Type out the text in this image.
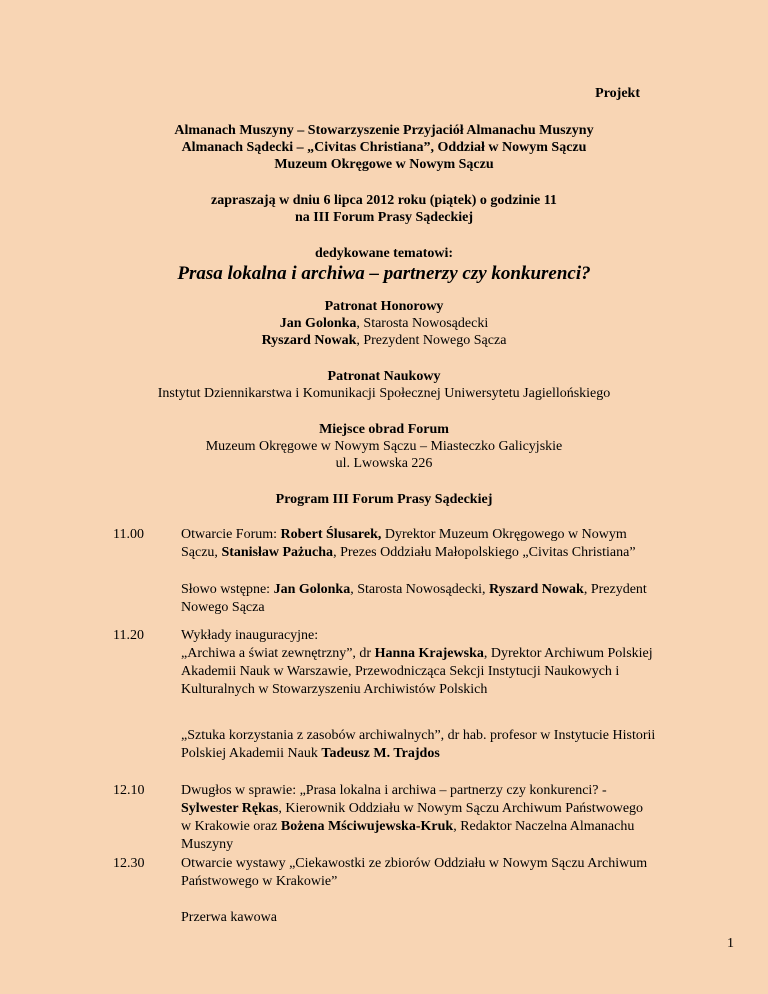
Projekt
Almanach Muszyny – Stowarzyszenie Przyjaciół Almanachu Muszyny
Almanach Sądecki – „Civitas Christiana”, Oddział w Nowym Sączu
Muzeum Okręgowe w Nowym Sączu
zapraszają w dniu 6 lipca 2012 roku (piątek) o godzinie 11
na III Forum Prasy Sądeckiej
dedykowane tematowi:
Prasa lokalna i archiwa – partnerzy czy konkurenci?
Patronat Honorowy
Jan Golonka, Starosta Nowosądecki
Ryszard Nowak, Prezydent Nowego Sącza
Patronat Naukowy
Instytut Dziennikarstwa i Komunikacji Społecznej Uniwersytetu Jagiellońskiego
Miejsce obrad Forum
Muzeum Okręgowe w Nowym Sączu – Miasteczko Galicyjskie
ul. Lwowska 226
Program III Forum Prasy Sądeckiej
11.00	Otwarcie Forum: Robert Ślusarek, Dyrektor Muzeum Okręgowego w Nowym Sączu, Stanisław Pażucha, Prezes Oddziału Małopolskiego „Civitas Christiana”
Słowo wstępne: Jan Golonka, Starosta Nowosądecki, Ryszard Nowak, Prezydent Nowego Sącza
11.20	Wykłady inauguracyjne:
„Archiwa a świat zewnętrzny”, dr Hanna Krajewska, Dyrektor Archiwum Polskiej Akademii Nauk w Warszawie, Przewodnicząca Sekcji Instytucji Naukowych i Kulturalnych w Stowarzyszeniu Archiwistów Polskich
„Sztuka korzystania z zasobów archiwalnych”, dr hab. profesor w Instytucie Historii Polskiej Akademii Nauk Tadeusz M. Trajdos
12.10	Dwugłos w sprawie: „Prasa lokalna i archiwa – partnerzy czy konkurenci? - Sylwester Rękas, Kierownik Oddziału w Nowym Sączu Archiwum Państwowego w Krakowie oraz Bożena Mściwujewska-Kruk, Redaktor Naczelna Almanachu Muszyny
12.30	Otwarcie wystawy „Ciekawostki ze zbiorów Oddziału w Nowym Sączu Archiwum Państwowego w Krakowie”
Przerwa kawowa
1
